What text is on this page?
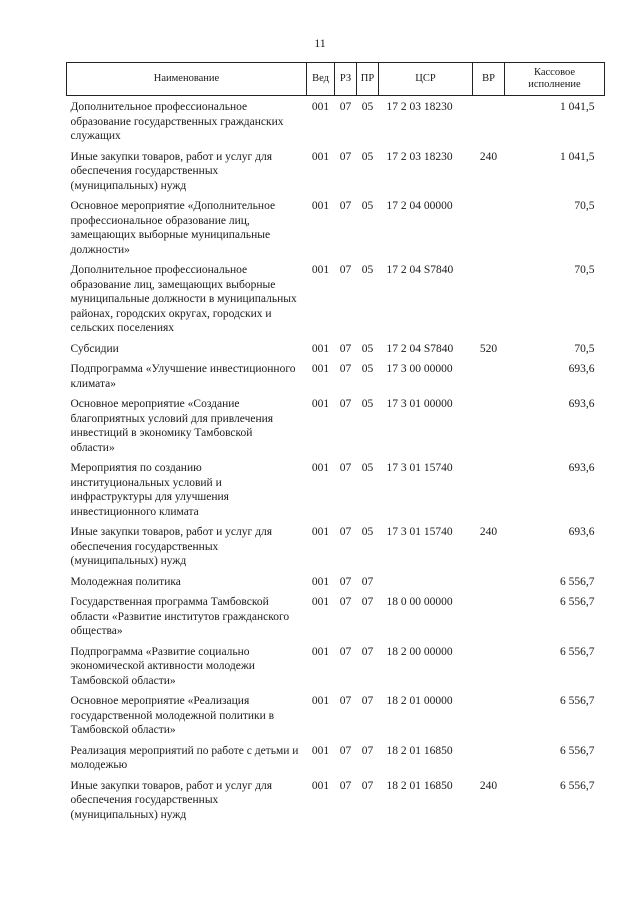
11
Наименование	Вед	РЗ	ПР	ЦСР	ВР	Кассовое исполнение
Дополнительное профессиональное образование государственных гражданских служащих	001	07	05	17 2 03 18230		1 041,5
Иные закупки товаров, работ и услуг для обеспечения государственных (муниципальных) нужд	001	07	05	17 2 03 18230	240	1 041,5
Основное мероприятие «Дополнительное профессиональное образование лиц, замещающих выборные муниципальные должности»	001	07	05	17 2 04 00000		70,5
Дополнительное профессиональное образование лиц, замещающих выборные муниципальные должности в муниципальных районах, городских округах, городских и сельских поселениях	001	07	05	17 2 04 S7840		70,5
Субсидии	001	07	05	17 2 04 S7840	520	70,5
Подпрограмма «Улучшение инвестиционного климата»	001	07	05	17 3 00 00000		693,6
Основное мероприятие «Создание благоприятных условий для привлечения инвестиций в экономику Тамбовской области»	001	07	05	17 3 01 00000		693,6
Мероприятия по созданию институциональных условий и инфраструктуры для улучшения инвестиционного климата	001	07	05	17 3 01 15740		693,6
Иные закупки товаров, работ и услуг для обеспечения государственных (муниципальных) нужд	001	07	05	17 3 01 15740	240	693,6
Молодежная политика	001	07	07			6 556,7
Государственная программа Тамбовской области «Развитие институтов гражданского общества»	001	07	07	18 0 00 00000		6 556,7
Подпрограмма «Развитие социально экономической активности молодежи Тамбовской области»	001	07	07	18 2 00 00000		6 556,7
Основное мероприятие «Реализация государственной молодежной политики в Тамбовской области»	001	07	07	18 2 01 00000		6 556,7
Реализация мероприятий по работе с детьми и молодежью	001	07	07	18 2 01 16850		6 556,7
Иные закупки товаров, работ и услуг для обеспечения государственных (муниципальных) нужд	001	07	07	18 2 01 16850	240	6 556,7
